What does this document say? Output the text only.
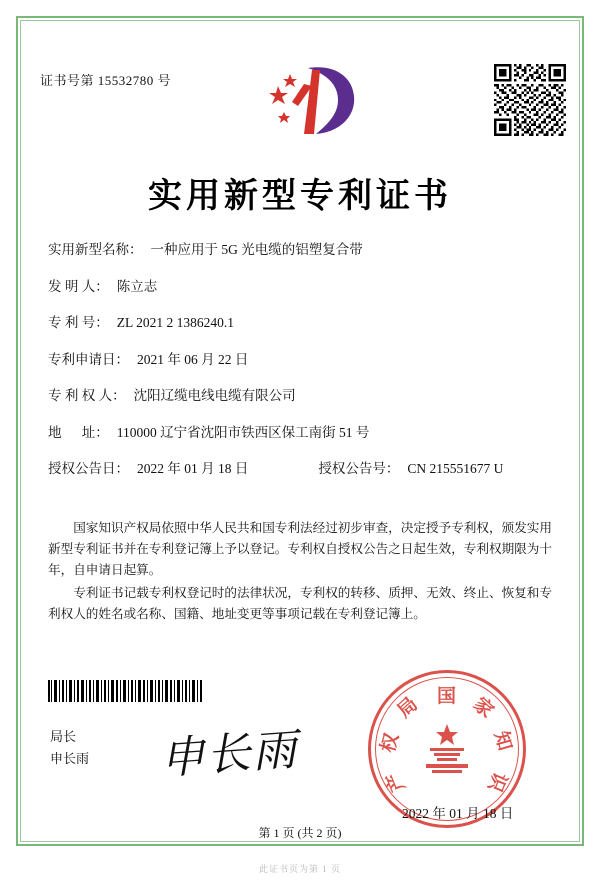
证书号第 15532780 号
实用新型专利证书
实用新型名称： 一种应用于 5G 光电缆的铝塑复合带
发 明 人： 陈立志
专 利 号： ZL 2021 2 1386240.1
专利申请日： 2021 年 06 月 22 日
专 利 权 人： 沈阳辽缆电线电缆有限公司
地      址： 110000 辽宁省沈阳市铁西区保工南街 51 号
授权公告日： 2022 年 01 月 18 日	授权公告号： CN 215551677 U

国家知识产权局依照中华人民共和国专利法经过初步审查，决定授予专利权，颁发实用新型专利证书并在专利登记簿上予以登记。专利权自授权公告之日起生效，专利权期限为十年，自申请日起算。

专利证书记载专利权登记时的法律状况，专利权的转移、质押、无效、终止、恢复和专利权人的姓名或名称、国籍、地址变更等事项记载在专利登记簿上。

局长
申长雨 申长雨
国 家
知
识
产
权
局
2022 年 01 月 18 日
第 1 页 (共 2 页)
此证书页为第 1 页
